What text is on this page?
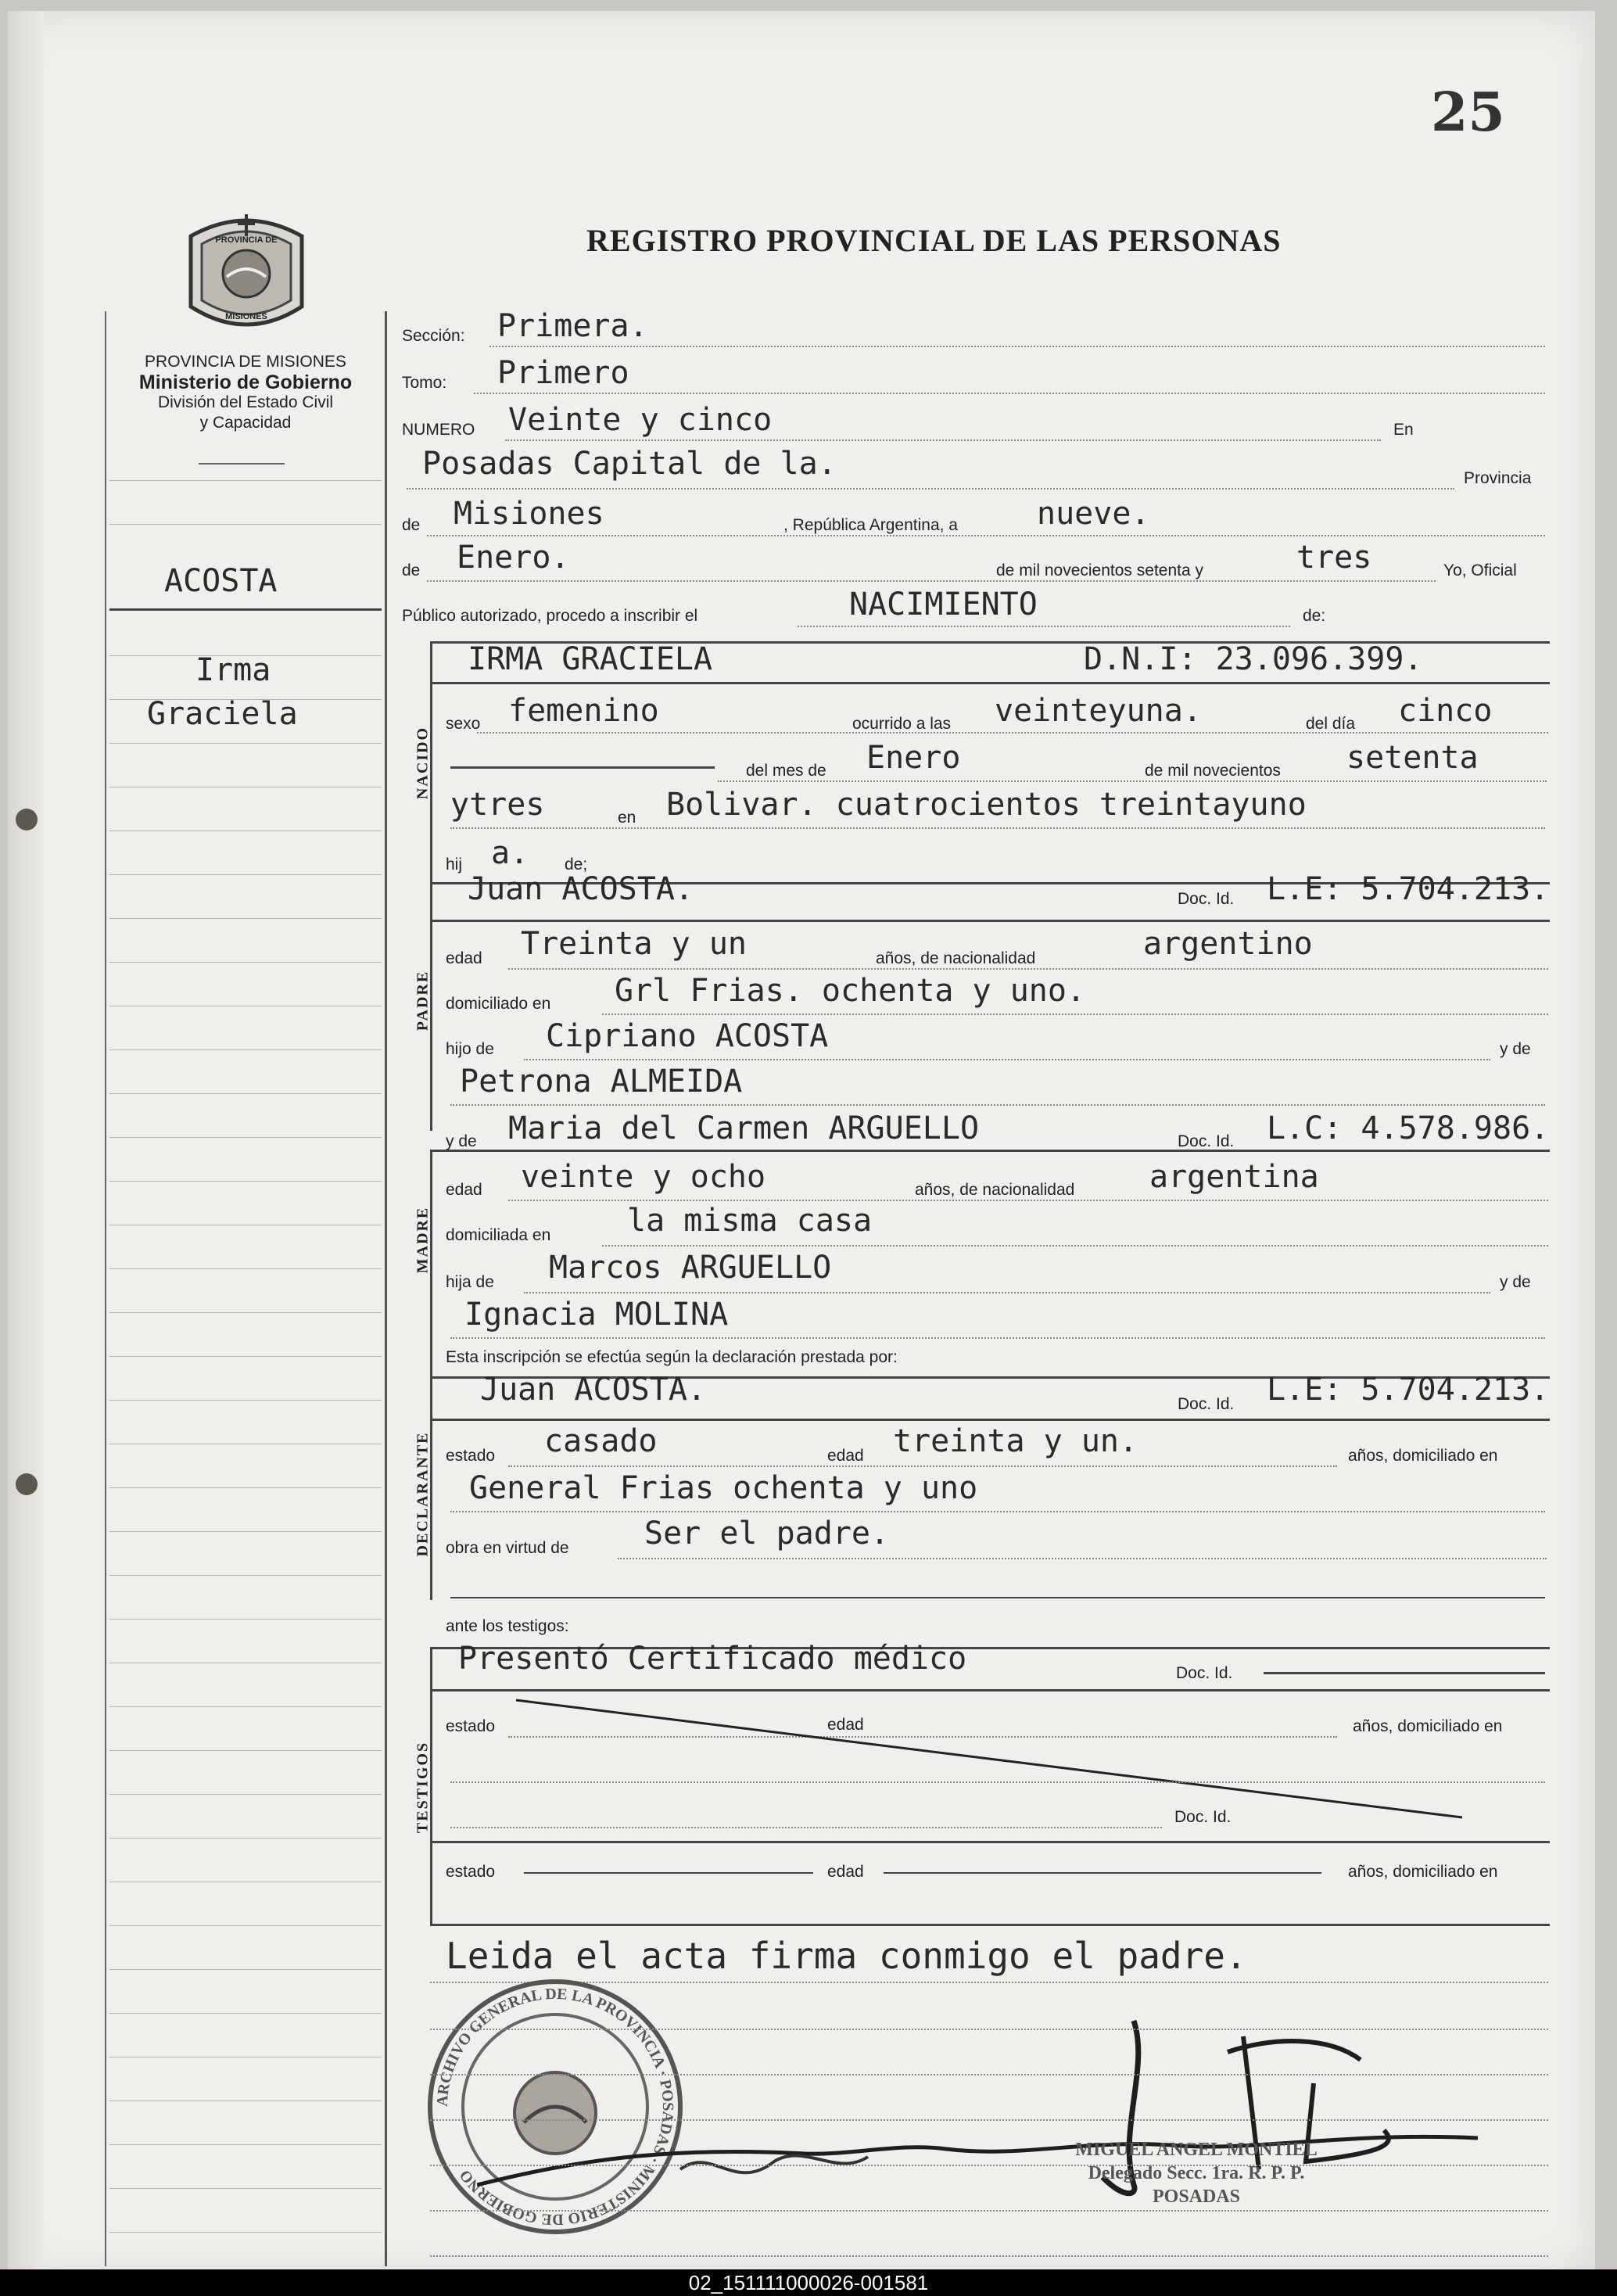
25
REGISTRO PROVINCIAL DE LAS PERSONAS
PROVINCIA DE
MISIONES
PROVINCIA DE MISIONES
Ministerio de Gobierno
División del Estado Civil
y Capacidad
ACOSTA
Irma
Graciela
Sección: Primera.
Tomo: Primero
NUMERO Veinte y cinco	En
Posadas Capital de la.	Provincia
de Misiones	, República Argentina, a	nueve.
de Enero.	de mil novecientos setenta y	tres	Yo, Oficial
Público autorizado, procedo a inscribir el	NACIMIENTO	de:
IRMA GRACIELA	D.N.I: 23.096.399.
NACIDO
sexo femenino	ocurrido a las veinteyuna.	del día cinco
del mes de Enero	de mil novecientos setenta
ytres	en Bolivar. cuatrocientos treintayuno
hij a. de;
Juan ACOSTA.	Doc. Id. L.E: 5.704.213.
PADRE
edad Treinta y un	años, de nacionalidad	argentino
domiciliado en Grl Frias. ochenta y uno.
hijo de Cipriano ACOSTA	y de
Petrona ALMEIDA
y de Maria del Carmen ARGUELLO	Doc. Id. L.C: 4.578.986.
MADRE
edad veinte y ocho	años, de nacionalidad argentina
domiciliada en la misma casa
hija de Marcos ARGUELLO	y de
Ignacia MOLINA
Esta inscripción se efectúa según la declaración prestada por:
Juan ACOSTA.	Doc. Id. L.E: 5.704.213.
DECLARANTE estado casado	edad treinta y un.	años, domiciliado en
General Frias ochenta y uno
obra en virtud de Ser el padre.
ante los testigos:
Presentó Certificado médico	Doc. Id.
TESTIGOS
estado	edad	años, domiciliado en
Doc. Id.
estado	edad	años, domiciliado en
Leida el acta firma conmigo el padre.
ARCHIVO GENERAL DE LA PROVINCIA · POSADAS · MINISTERIO DE GOBIERNO
MIGUEL ANGEL MONTIEL
Delegado Secc. 1ra. R. P. P.
POSADAS
02_151111000026-001581
